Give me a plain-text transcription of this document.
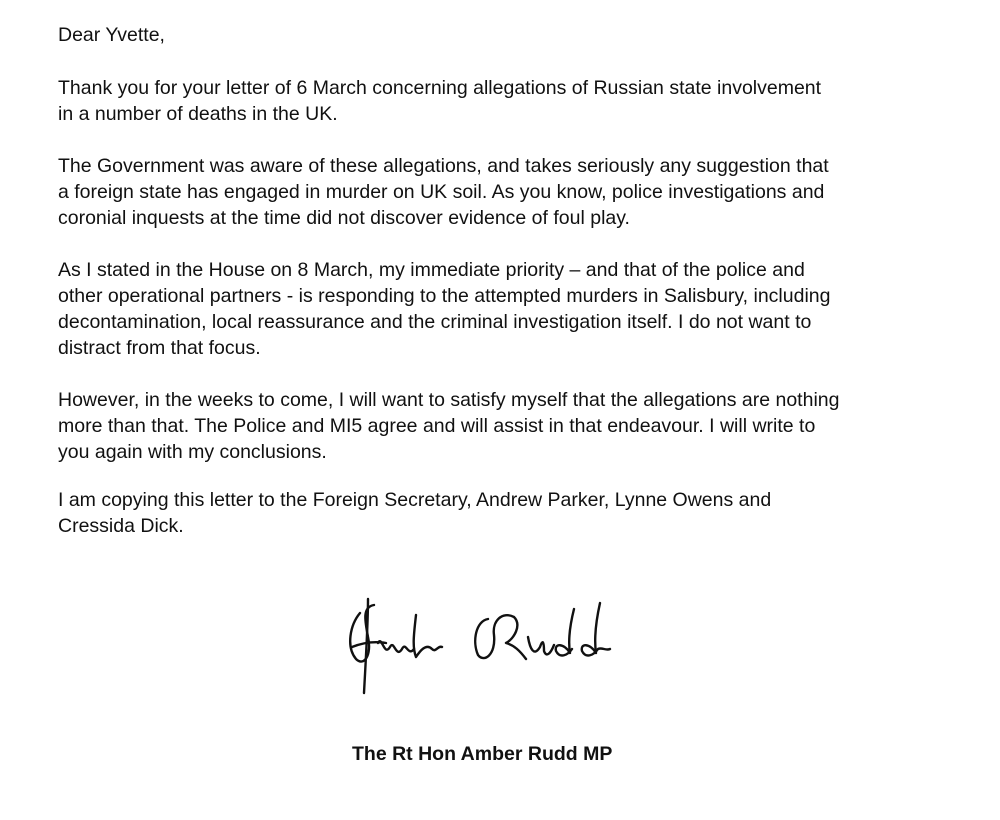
Dear Yvette,
Thank you for your letter of 6 March concerning allegations of Russian state involvement
in a number of deaths in the UK.
The Government was aware of these allegations, and takes seriously any suggestion that
a foreign state has engaged in murder on UK soil. As you know, police investigations and
coronial inquests at the time did not discover evidence of foul play.
As I stated in the House on 8 March, my immediate priority – and that of the police and
other operational partners - is responding to the attempted murders in Salisbury, including
decontamination, local reassurance and the criminal investigation itself. I do not want to
distract from that focus.
However, in the weeks to come, I will want to satisfy myself that the allegations are nothing
more than that. The Police and MI5 agree and will assist in that endeavour. I will write to
you again with my conclusions.
I am copying this letter to the Foreign Secretary, Andrew Parker, Lynne Owens and
Cressida Dick.
The Rt Hon Amber Rudd MP
